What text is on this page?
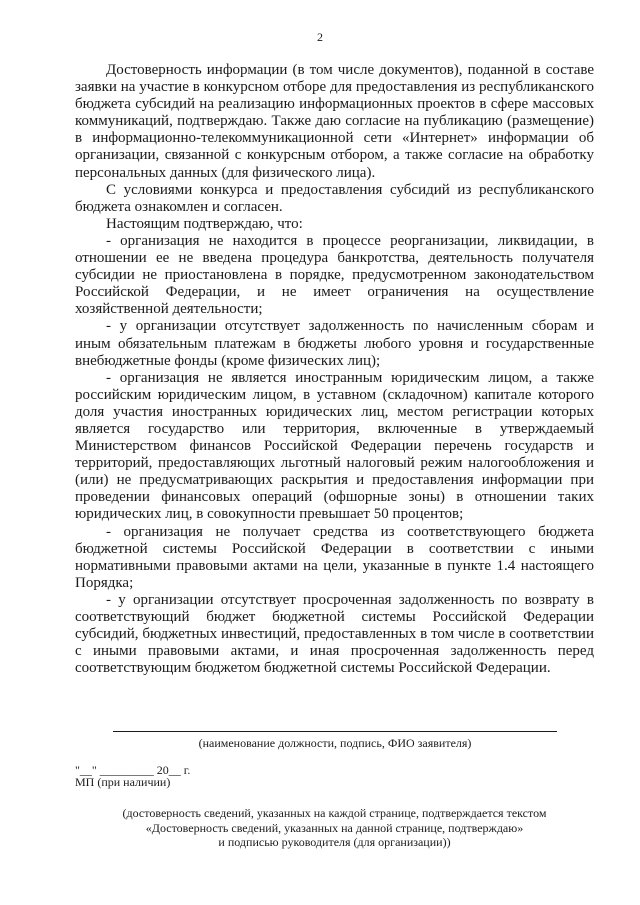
2

Достоверность информации (в том числе документов), поданной в составе заявки на участие в конкурсном отборе для предоставления из республиканского бюджета субсидий на реализацию информационных проектов в сфере массовых коммуникаций, подтверждаю. Также даю согласие на публикацию (размещение) в информационно-телекоммуникационной сети «Интернет» информации об организации, связанной с конкурсным отбором, а также согласие на обработку персональных данных (для физического лица).

С условиями конкурса и предоставления субсидий из республиканского бюджета ознакомлен и согласен.

Настоящим подтверждаю, что:

- организация не находится в процессе реорганизации, ликвидации, в отношении ее не введена процедура банкротства, деятельность получателя субсидии не приостановлена в порядке, предусмотренном законодательством Российской Федерации, и не имеет ограничения на осуществление хозяйственной деятельности;

- у организации отсутствует задолженность по начисленным сборам и иным обязательным платежам в бюджеты любого уровня и государственные внебюджетные фонды (кроме физических лиц);

- организация не является иностранным юридическим лицом, а также российским юридическим лицом, в уставном (складочном) капитале которого доля участия иностранных юридических лиц, местом регистрации которых является государство или территория, включенные в утверждаемый Министерством финансов Российской Федерации перечень государств и территорий, предоставляющих льготный налоговый режим налогообложения и (или) не предусматривающих раскрытия и предоставления информации при проведении финансовых операций (офшорные зоны) в отношении таких юридических лиц, в совокупности превышает 50 процентов;

- организация не получает средства из соответствующего бюджета бюджетной системы Российской Федерации в соответствии с иными нормативными правовыми актами на цели, указанные в пункте 1.4 настоящего Порядка;

- у организации отсутствует просроченная задолженность по возврату в соответствующий бюджет бюджетной системы Российской Федерации субсидий, бюджетных инвестиций, предоставленных в том числе в соответствии с иными правовыми актами, и иная просроченная задолженность перед соответствующим бюджетом бюджетной системы Российской Федерации.

(наименование должности, подпись, ФИО заявителя)
"__" _________ 20__ г.
МП (при наличии)
(достоверность сведений, указанных на каждой странице, подтверждается текстом
«Достоверность сведений, указанных на данной странице, подтверждаю»
и подписью руководителя (для организации))
